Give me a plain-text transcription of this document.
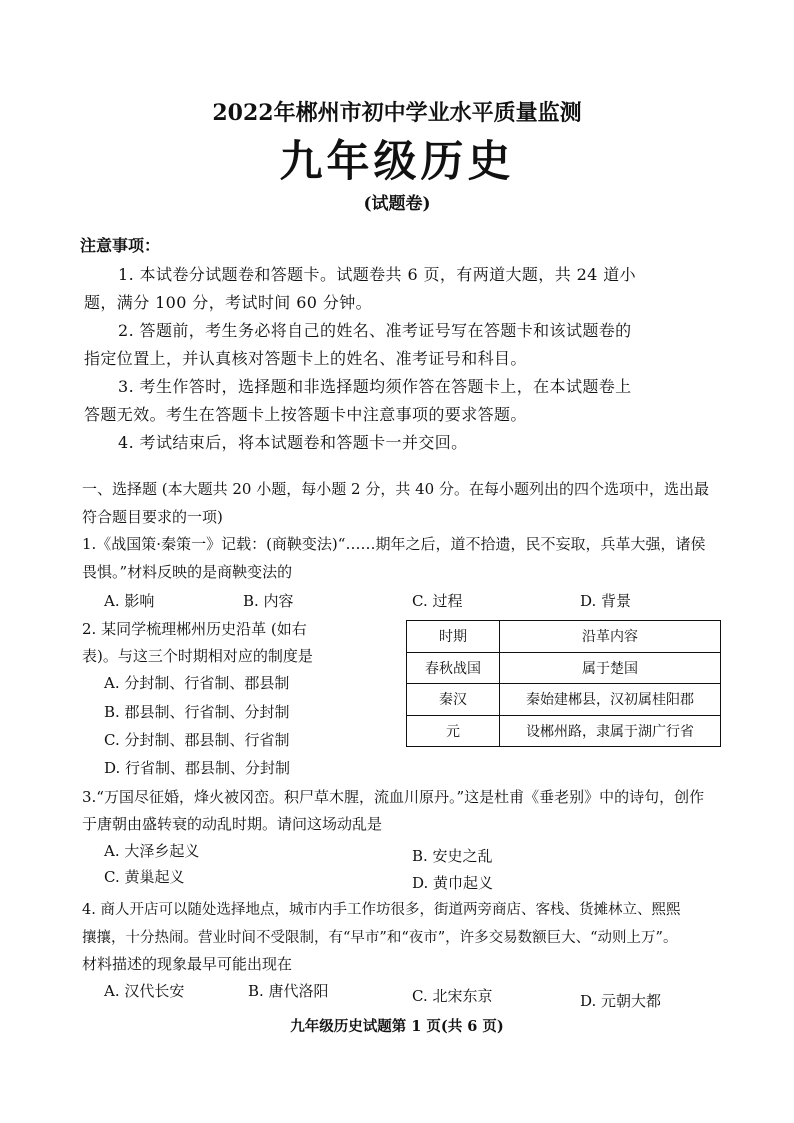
2022年郴州市初中学业水平质量监测
九年级历史
(试题卷)
注意事项：
1. 本试卷分试题卷和答题卡。试题卷共 6 页，有两道大题，共 24 道小
题，满分 100 分，考试时间 60 分钟。
2. 答题前，考生务必将自己的姓名、准考证号写在答题卡和该试题卷的
指定位置上，并认真核对答题卡上的姓名、准考证号和科目。
3. 考生作答时，选择题和非选择题均须作答在答题卡上，在本试题卷上
答题无效。考生在答题卡上按答题卡中注意事项的要求答题。
4. 考试结束后，将本试题卷和答题卡一并交回。
一、选择题 (本大题共 20 小题，每小题 2 分，共 40 分。在每小题列出的四个选项中，选出最
符合题目要求的一项)
1.《战国策·秦策一》记载：(商鞅变法)“……期年之后，道不拾遗，民不妄取，兵革大强，诸侯
畏惧。”材料反映的是商鞅变法的
A. 影响	B. 内容	C. 过程	D. 背景
2. 某同学梳理郴州历史沿革 (如右
表)。与这三个时期相对应的制度是
A. 分封制、行省制、郡县制
B. 郡县制、行省制、分封制
C. 分封制、郡县制、行省制
D. 行省制、郡县制、分封制
时期	沿革内容
春秋战国	属于楚国
秦汉	秦始建郴县，汉初属桂阳郡
元	设郴州路，隶属于湖广行省
3.“万国尽征婚，烽火被冈峦。积尸草木腥，流血川原丹。”这是杜甫《垂老别》中的诗句，创作
于唐朝由盛转衰的动乱时期。请问这场动乱是
A. 大泽乡起义	B. 安史之乱
C. 黄巢起义	D. 黄巾起义
4. 商人开店可以随处选择地点，城市内手工作坊很多，街道两旁商店、客栈、货摊林立、熙熙
攘攘，十分热闹。营业时间不受限制，有“早市”和“夜市”，许多交易数额巨大、“动则上万”。
材料描述的现象最早可能出现在
A. 汉代长安	B. 唐代洛阳	C. 北宋东京	D. 元朝大都
九年级历史试题第 1 页(共 6 页)
